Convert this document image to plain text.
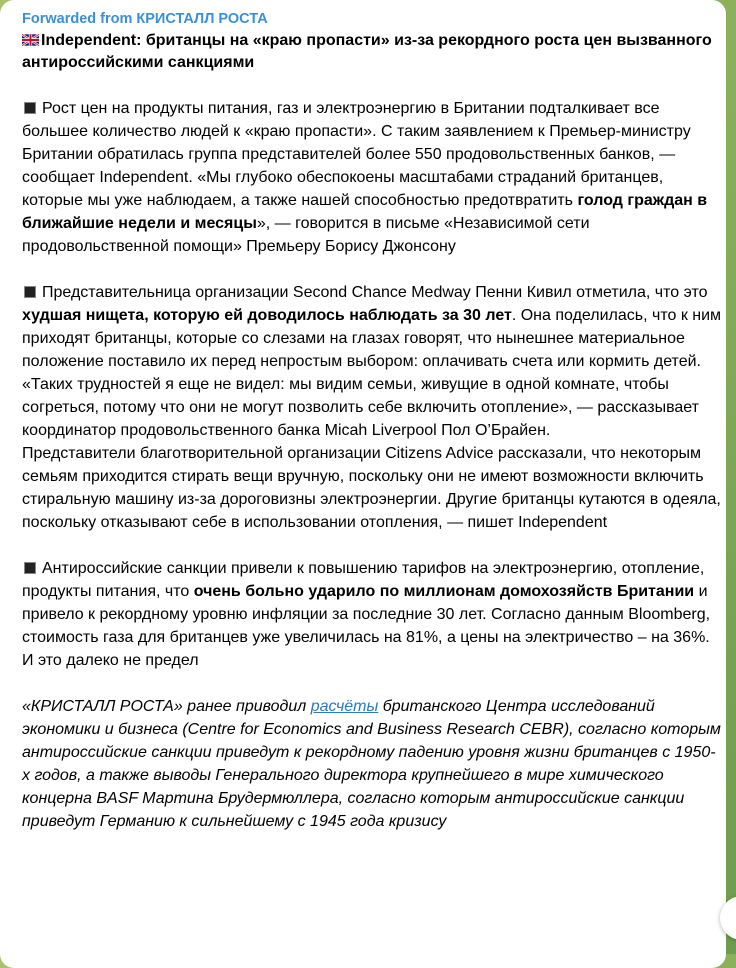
Forwarded from КРИСТАЛЛ РОСТА
Independent: британцы на «краю пропасти» из-за рекордного роста цен вызванного антироссийскими санкциями
Рост цен на продукты питания, газ и электроэнергию в Британии подталкивает все большее количество людей к «краю пропасти». С таким заявлением к Премьер-министру Британии обратилась группа представителей более 550 продовольственных банков, — сообщает Independent. «Мы глубоко обеспокоены масштабами страданий британцев, которые мы уже наблюдаем, а также нашей способностью предотвратить голод граждан в ближайшие недели и месяцы», — говорится в письме «Независимой сети продовольственной помощи» Премьеру Борису Джонсону
Представительница организации Second Chance Medway Пенни Кивил отметила, что это худшая нищета, которую ей доводилось наблюдать за 30 лет. Она поделилась, что к ним приходят британцы, которые со слезами на глазах говорят, что нынешнее материальное положение поставило их перед непростым выбором: оплачивать счета или кормить детей.
«Таких трудностей я еще не видел: мы видим семьи, живущие в одной комнате, чтобы согреться, потому что они не могут позволить себе включить отопление», — рассказывает координатор продовольственного банка Micah Liverpool Пол О’Брайен.
Представители благотворительной организации Citizens Advice рассказали, что некоторым семьям приходится стирать вещи вручную, поскольку они не имеют возможности включить стиральную машину из-за дороговизны электроэнергии. Другие британцы кутаются в одеяла, поскольку отказывают себе в использовании отопления, — пишет Independent
Антироссийские санкции привели к повышению тарифов на электроэнергию, отопление, продукты питания, что очень больно ударило по миллионам домохозяйств Британии и привело к рекордному уровню инфляции за последние 30 лет. Согласно данным Bloomberg, стоимость газа для британцев уже увеличилась на 81%, а цены на электричество – на 36%. И это далеко не предел
«КРИСТАЛЛ РОСТА» ранее приводил расчёты британского Центра исследований экономики и бизнеса (Centre for Economics and Business Research CEBR), согласно которым антироссийские санкции приведут к рекордному падению уровня жизни британцев с 1950-х годов, а также выводы Генерального директора крупнейшего в мире химического концерна BASF Мартина Брудермюллера, согласно которым антироссийские санкции приведут Германию к сильнейшему с 1945 года кризису
